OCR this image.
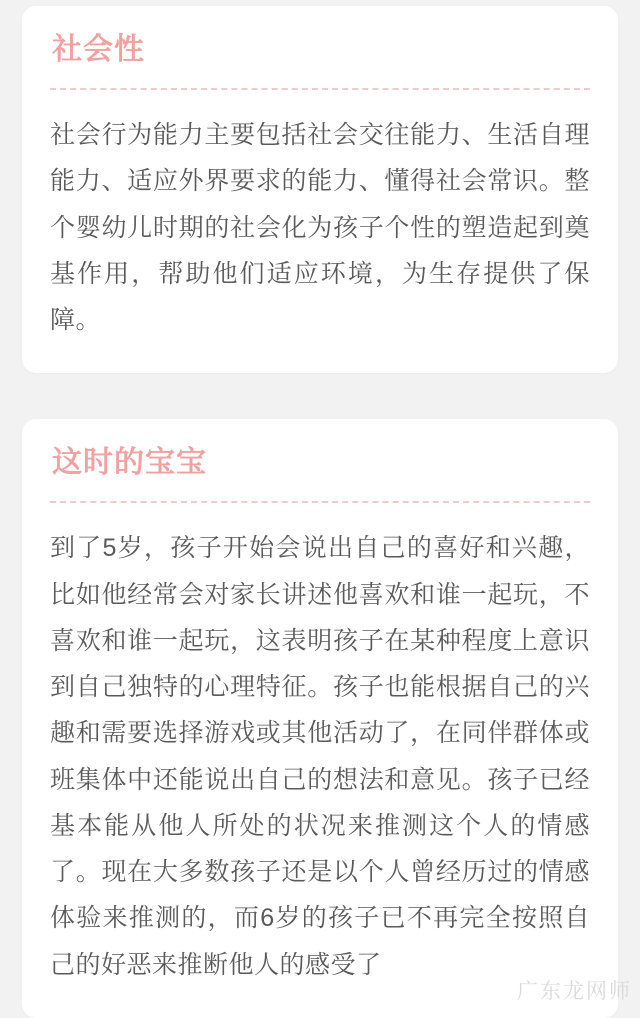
社会性

社会行为能力主要包括社会交往能力、生活自理能力、适应外界要求的能力、懂得社会常识。整个婴幼儿时期的社会化为孩子个性的塑造起到奠基作用，帮助他们适应环境，为生存提供了保障。

这时的宝宝

到了5岁，孩子开始会说出自己的喜好和兴趣，比如他经常会对家长讲述他喜欢和谁一起玩，不喜欢和谁一起玩，这表明孩子在某种程度上意识到自己独特的心理特征。孩子也能根据自己的兴趣和需要选择游戏或其他活动了，在同伴群体或班集体中还能说出自己的想法和意见。孩子已经基本能从他人所处的状况来推测这个人的情感了。现在大多数孩子还是以个人曾经历过的情感体验来推测的，而6岁的孩子已不再完全按照自己的好恶来推断他人的感受了

广东龙网师
